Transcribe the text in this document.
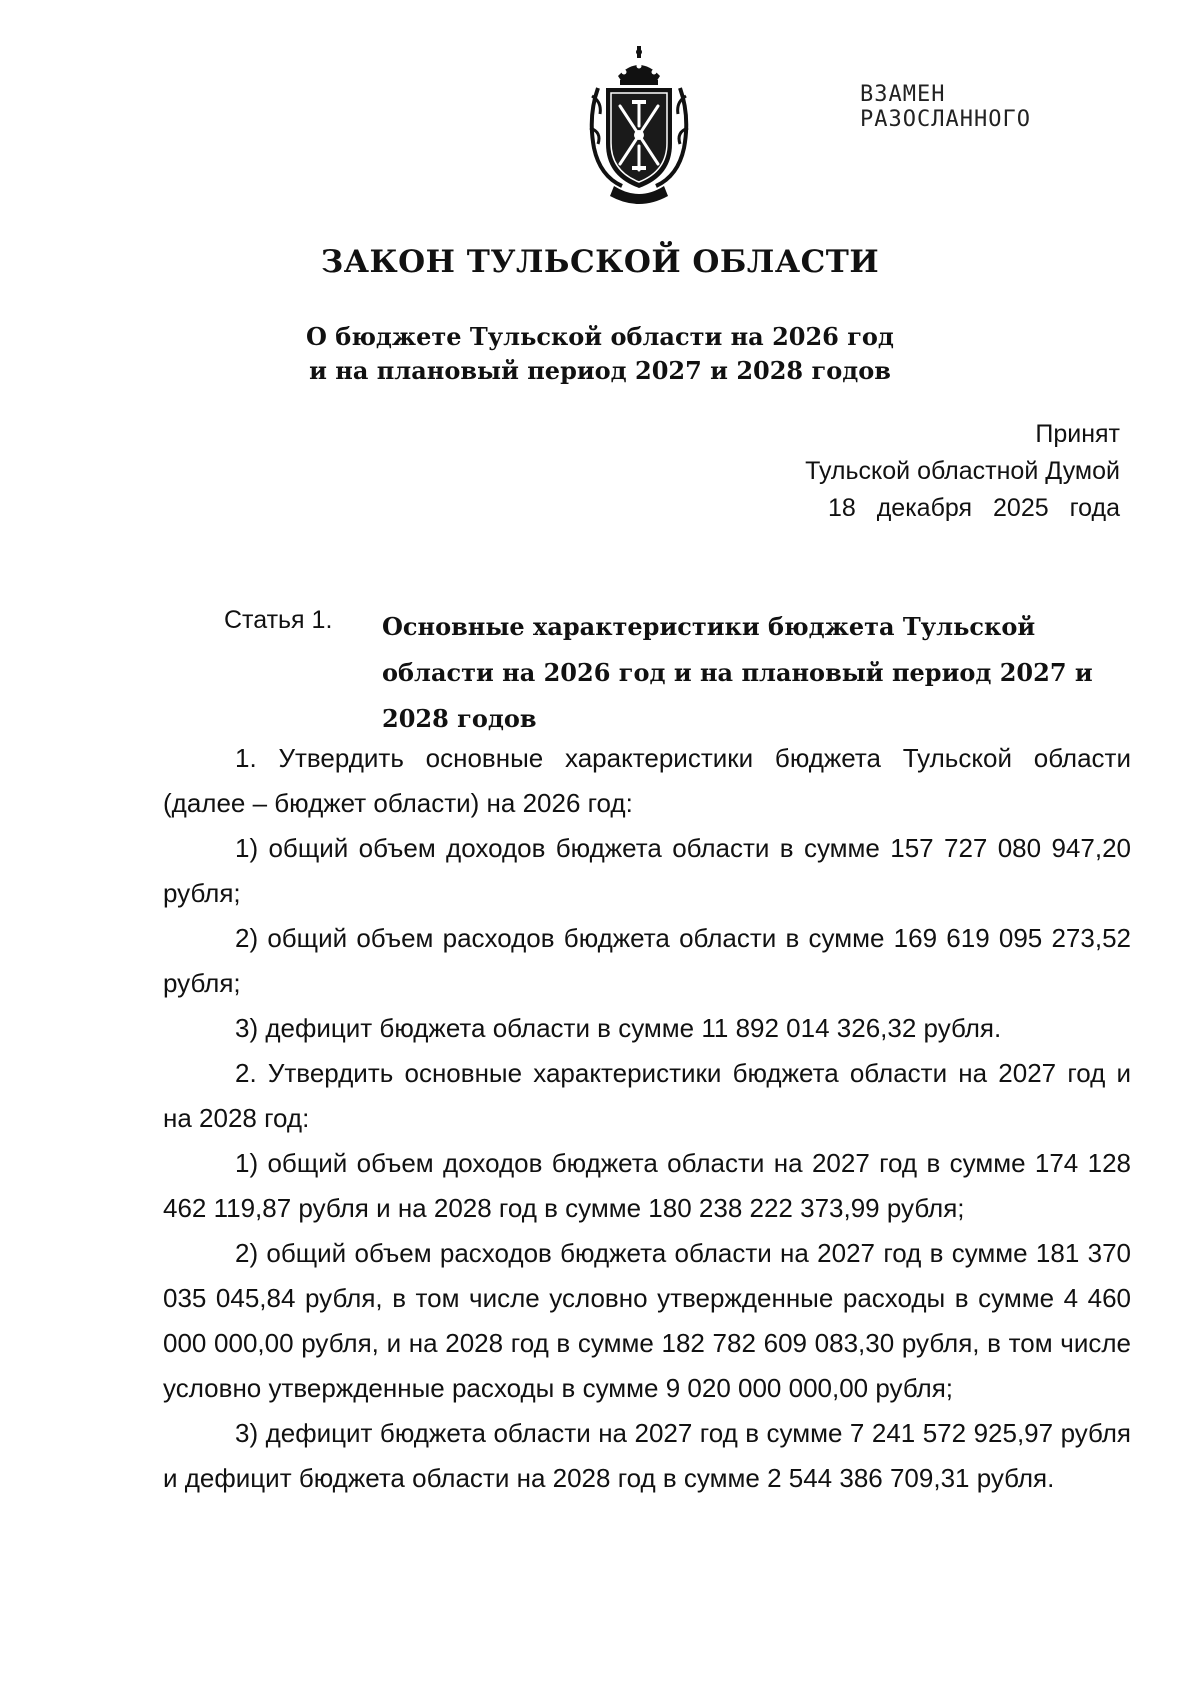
ВЗАМЕН РАЗОСЛАННОГО
ЗАКОН ТУЛЬСКОЙ ОБЛАСТИ
О бюджете Тульской области на 2026 год
и на плановый период 2027 и 2028 годов
Принят
Тульской областной Думой
18 декабря 2025 года
Статья 1. Основные характеристики бюджета Тульской области на 2026 год и на плановый период 2027 и 2028 годов

1. Утвердить основные характеристики бюджета Тульской области (далее – бюджет области) на 2026 год:

1) общий объем доходов бюджета области в сумме 157 727 080 947,20 рубля;

2) общий объем расходов бюджета области в сумме 169 619 095 273,52 рубля;

3) дефицит бюджета области в сумме 11 892 014 326,32 рубля.

2. Утвердить основные характеристики бюджета области на 2027 год и на 2028 год:

1) общий объем доходов бюджета области на 2027 год в сумме 174 128 462 119,87 рубля и на 2028 год в сумме 180 238 222 373,99 рубля;

2) общий объем расходов бюджета области на 2027 год в сумме 181 370 035 045,84 рубля, в том числе условно утвержденные расходы в сумме 4 460 000 000,00 рубля, и на 2028 год в сумме 182 782 609 083,30 рубля, в том числе условно утвержденные расходы в сумме 9 020 000 000,00 рубля;

3) дефицит бюджета области на 2027 год в сумме 7 241 572 925,97 рубля и дефицит бюджета области на 2028 год в сумме 2 544 386 709,31 рубля.
